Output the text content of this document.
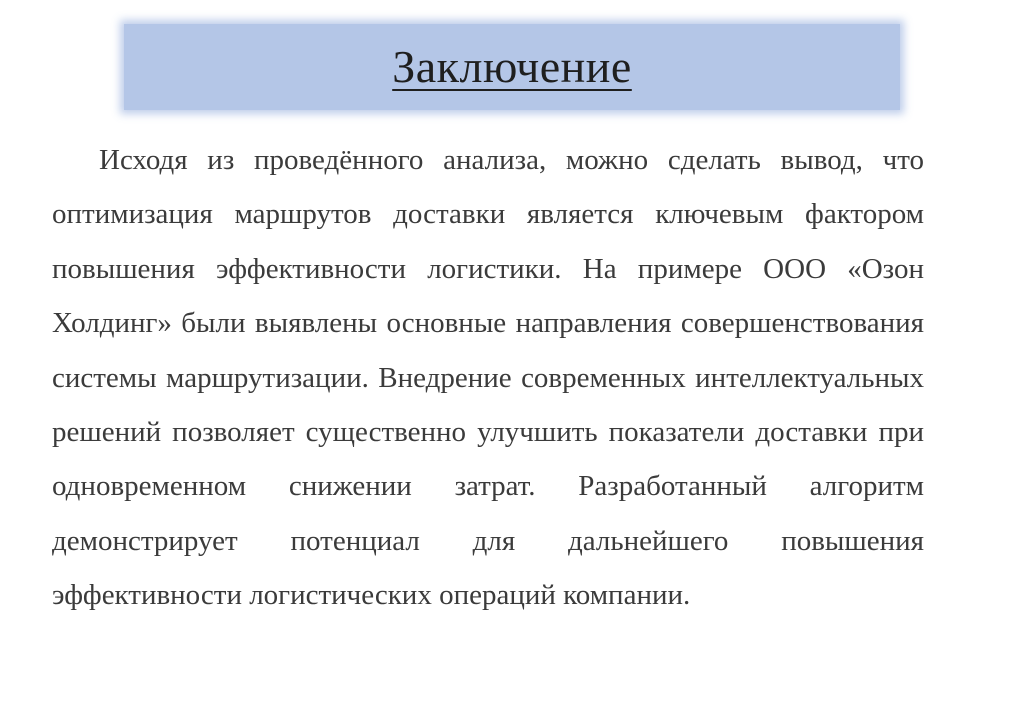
Заключение

Исходя из проведённого анализа, можно сделать вывод, что оптимизация маршрутов доставки является ключевым фактором повышения эффективности логистики. На примере ООО «Озон Холдинг» были выявлены основные направления совершенствования системы маршрутизации. Внедрение современных интеллектуальных решений позволяет существенно улучшить показатели доставки при одновременном снижении затрат. Разработанный алгоритм демонстрирует потенциал для дальнейшего повышения эффективности логистических операций компании.
